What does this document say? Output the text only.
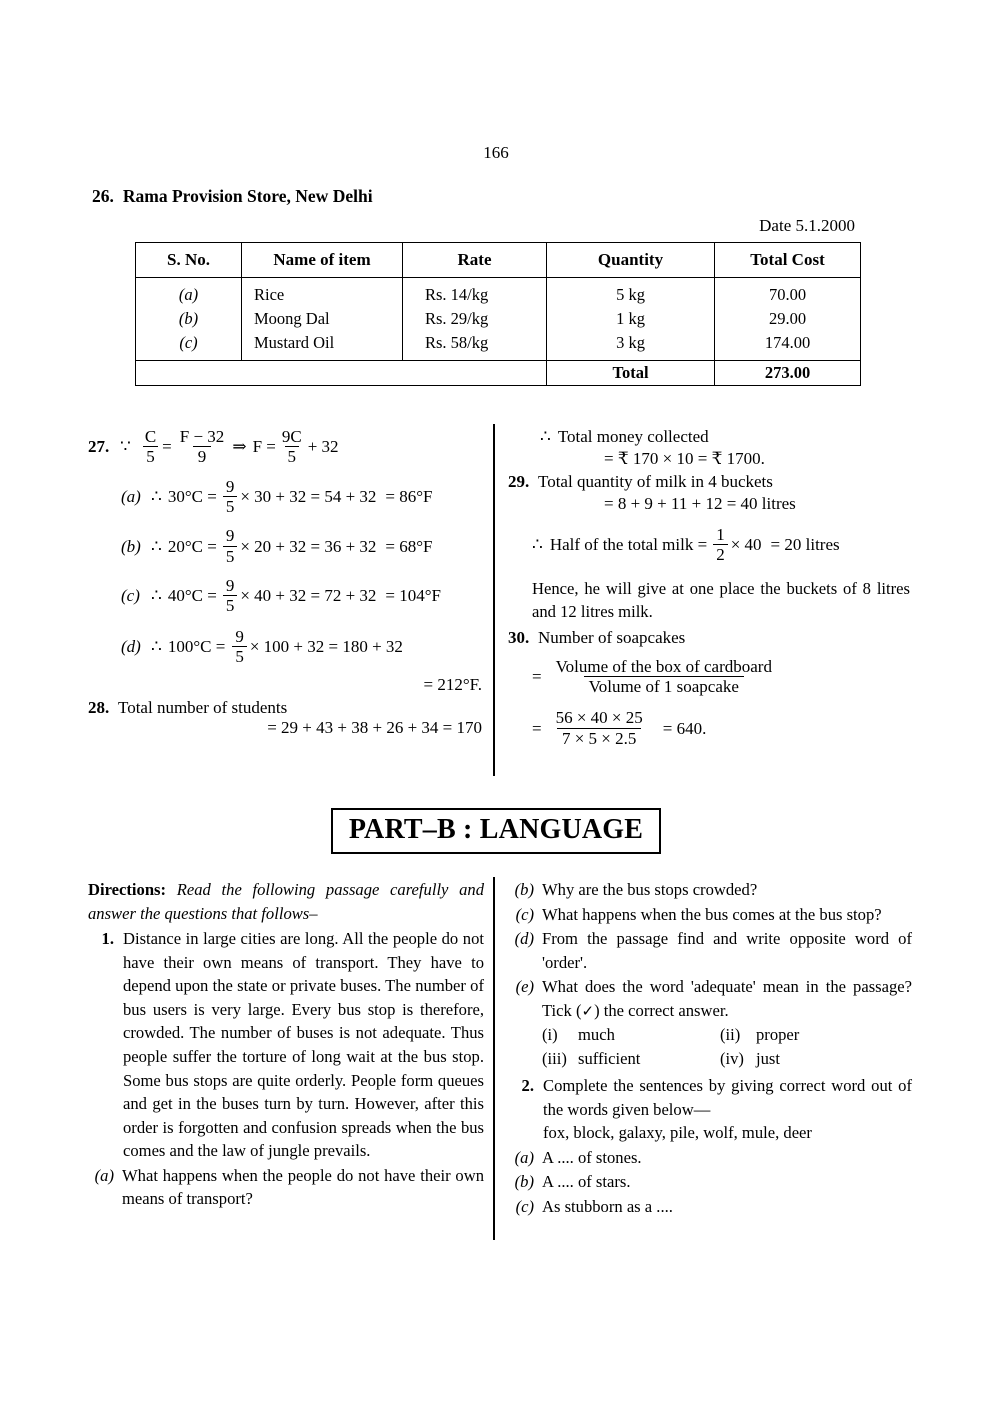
166
26. Rama Provision Store, New Delhi
Date 5.1.2000
S. No.	Name of item	Rate	Quantity	Total Cost
(a)	Rice	Rs. 14/kg	5 kg	70.00
(b)	Moong Dal	Rs. 29/kg	1 kg	29.00
(c)	Mustard Oil	Rs. 58/kg	3 kg	174.00
			Total	273.00
27. ∵ $\frac{C}{5} = \frac{F - 32}{9}$ ⇒ $F = \frac{9C}{5} + 32$
(a) ∴ $30^\circ C = \frac{9}{5} \times 30 + 32 = 54 + 32 = 86^\circ F$
(b) ∴ $20^\circ C = \frac{9}{5} \times 20 + 32 = 36 + 32 = 68^\circ F$
(c) ∴ $40^\circ C = \frac{9}{5} \times 40 + 32 = 72 + 32 = 104^\circ F$
(d) ∴ $100^\circ C = \frac{9}{5} \times 100 + 32 = 180 + 32$
= 212°F.
28. Total number of students
= 29 + 43 + 38 + 26 + 34 = 170
∴ Total money collected
= ₹ 170 × 10 = ₹ 1700.
29. Total quantity of milk in 4 buckets
= 8 + 9 + 11 + 12 = 40 litres
∴ Half of the total milk = $\frac{1}{2} \times 40 = 20$ litres
Hence, he will give at one place the buckets of 8 litres and 12 litres milk.
30. Number of soapcakes
= $\frac{\text{Volume of the box of cardboard}}{\text{Volume of 1 soapcake}}$
= $\frac{56 \times 40 \times 25}{7 \times 5 \times 2.5} = 640$.
PART–B : LANGUAGE
Directions: Read the following passage carefully and answer the questions that follows–
1. Distance in large cities are long. All the people do not have their own means of transport. They have to depend upon the state or private buses. The number of bus users is very large. Every bus stop is therefore, crowded. The number of buses is not adequate. Thus people suffer the torture of long wait at the bus stop. Some bus stops are quite orderly. People form queues and get in the buses turn by turn. However, after this order is forgotten and confusion spreads when the bus comes and the law of jungle prevails.
(a) What happens when the people do not have their own means of transport?
(b) Why are the bus stops crowded?
(c) What happens when the bus comes at the bus stop?
(d) From the passage find and write opposite word of 'order'.
(e) What does the word 'adequate' mean in the passage? Tick (✓) the correct answer.
(i)	much	(ii) proper
(iii) sufficient	(iv) just
2. Complete the sentences by giving correct word out of the words given below—
fox, block, galaxy, pile, wolf, mule, deer
(a) A .... of stones.
(b) A .... of stars.
(c) As stubborn as a ....
